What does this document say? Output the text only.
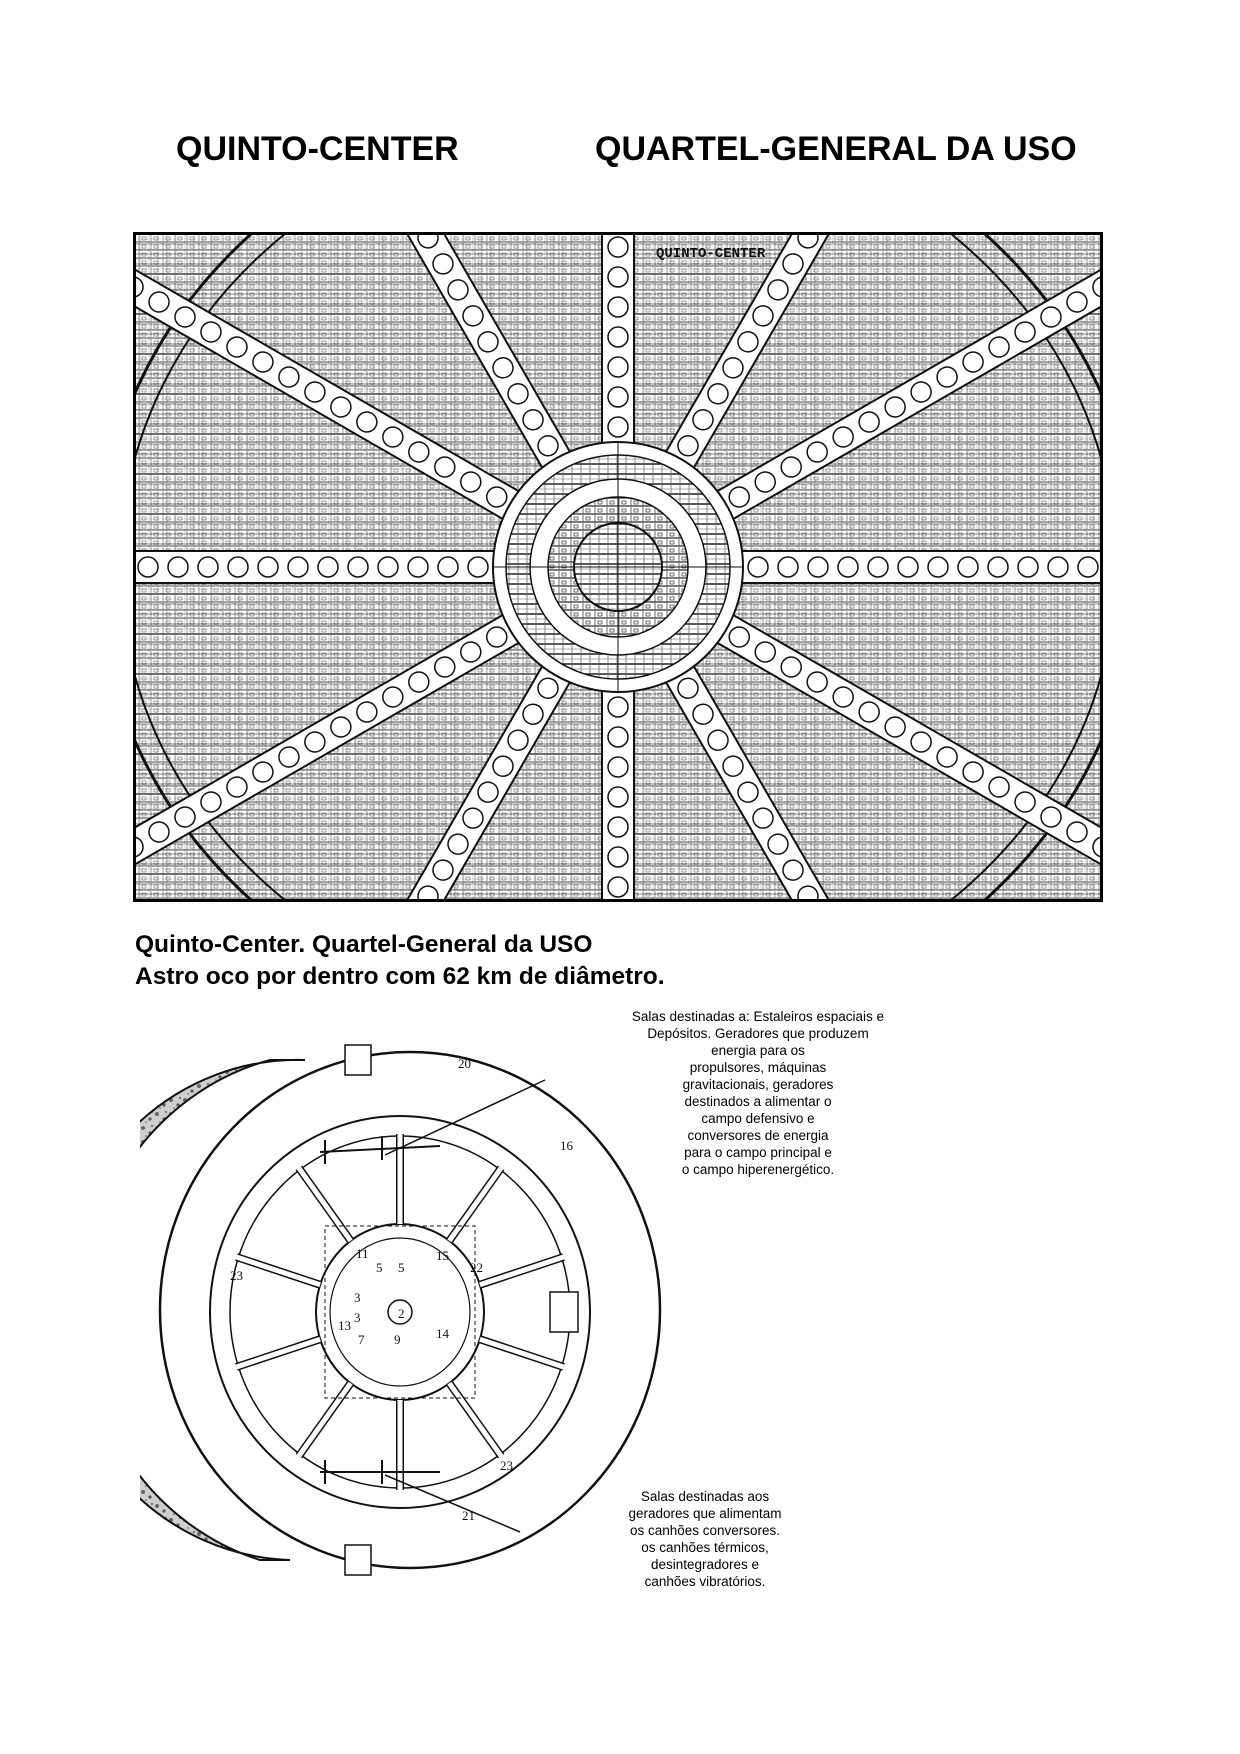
QUINTO-CENTER	QUARTEL-GENERAL DA USO
QUINTO-CENTER
Quinto-Center. Quartel-General da USO
Astro oco por dentro com 62 km de diâmetro.
2
3
3
5 5
7 9
11
13
14
15
16
20
21
22
23
23
Salas destinadas a: Estaleiros espaciais e
Depósitos. Geradores que produzem
energia para os
propulsores, máquinas
gravitacionais, geradores
destinados a alimentar o
campo defensivo e
conversores de energia
para o campo principal e
o campo hiperenergético.
Salas destinadas aos
geradores que alimentam
os canhões conversores.
os canhões térmicos,
desintegradores e
canhões vibratórios.
